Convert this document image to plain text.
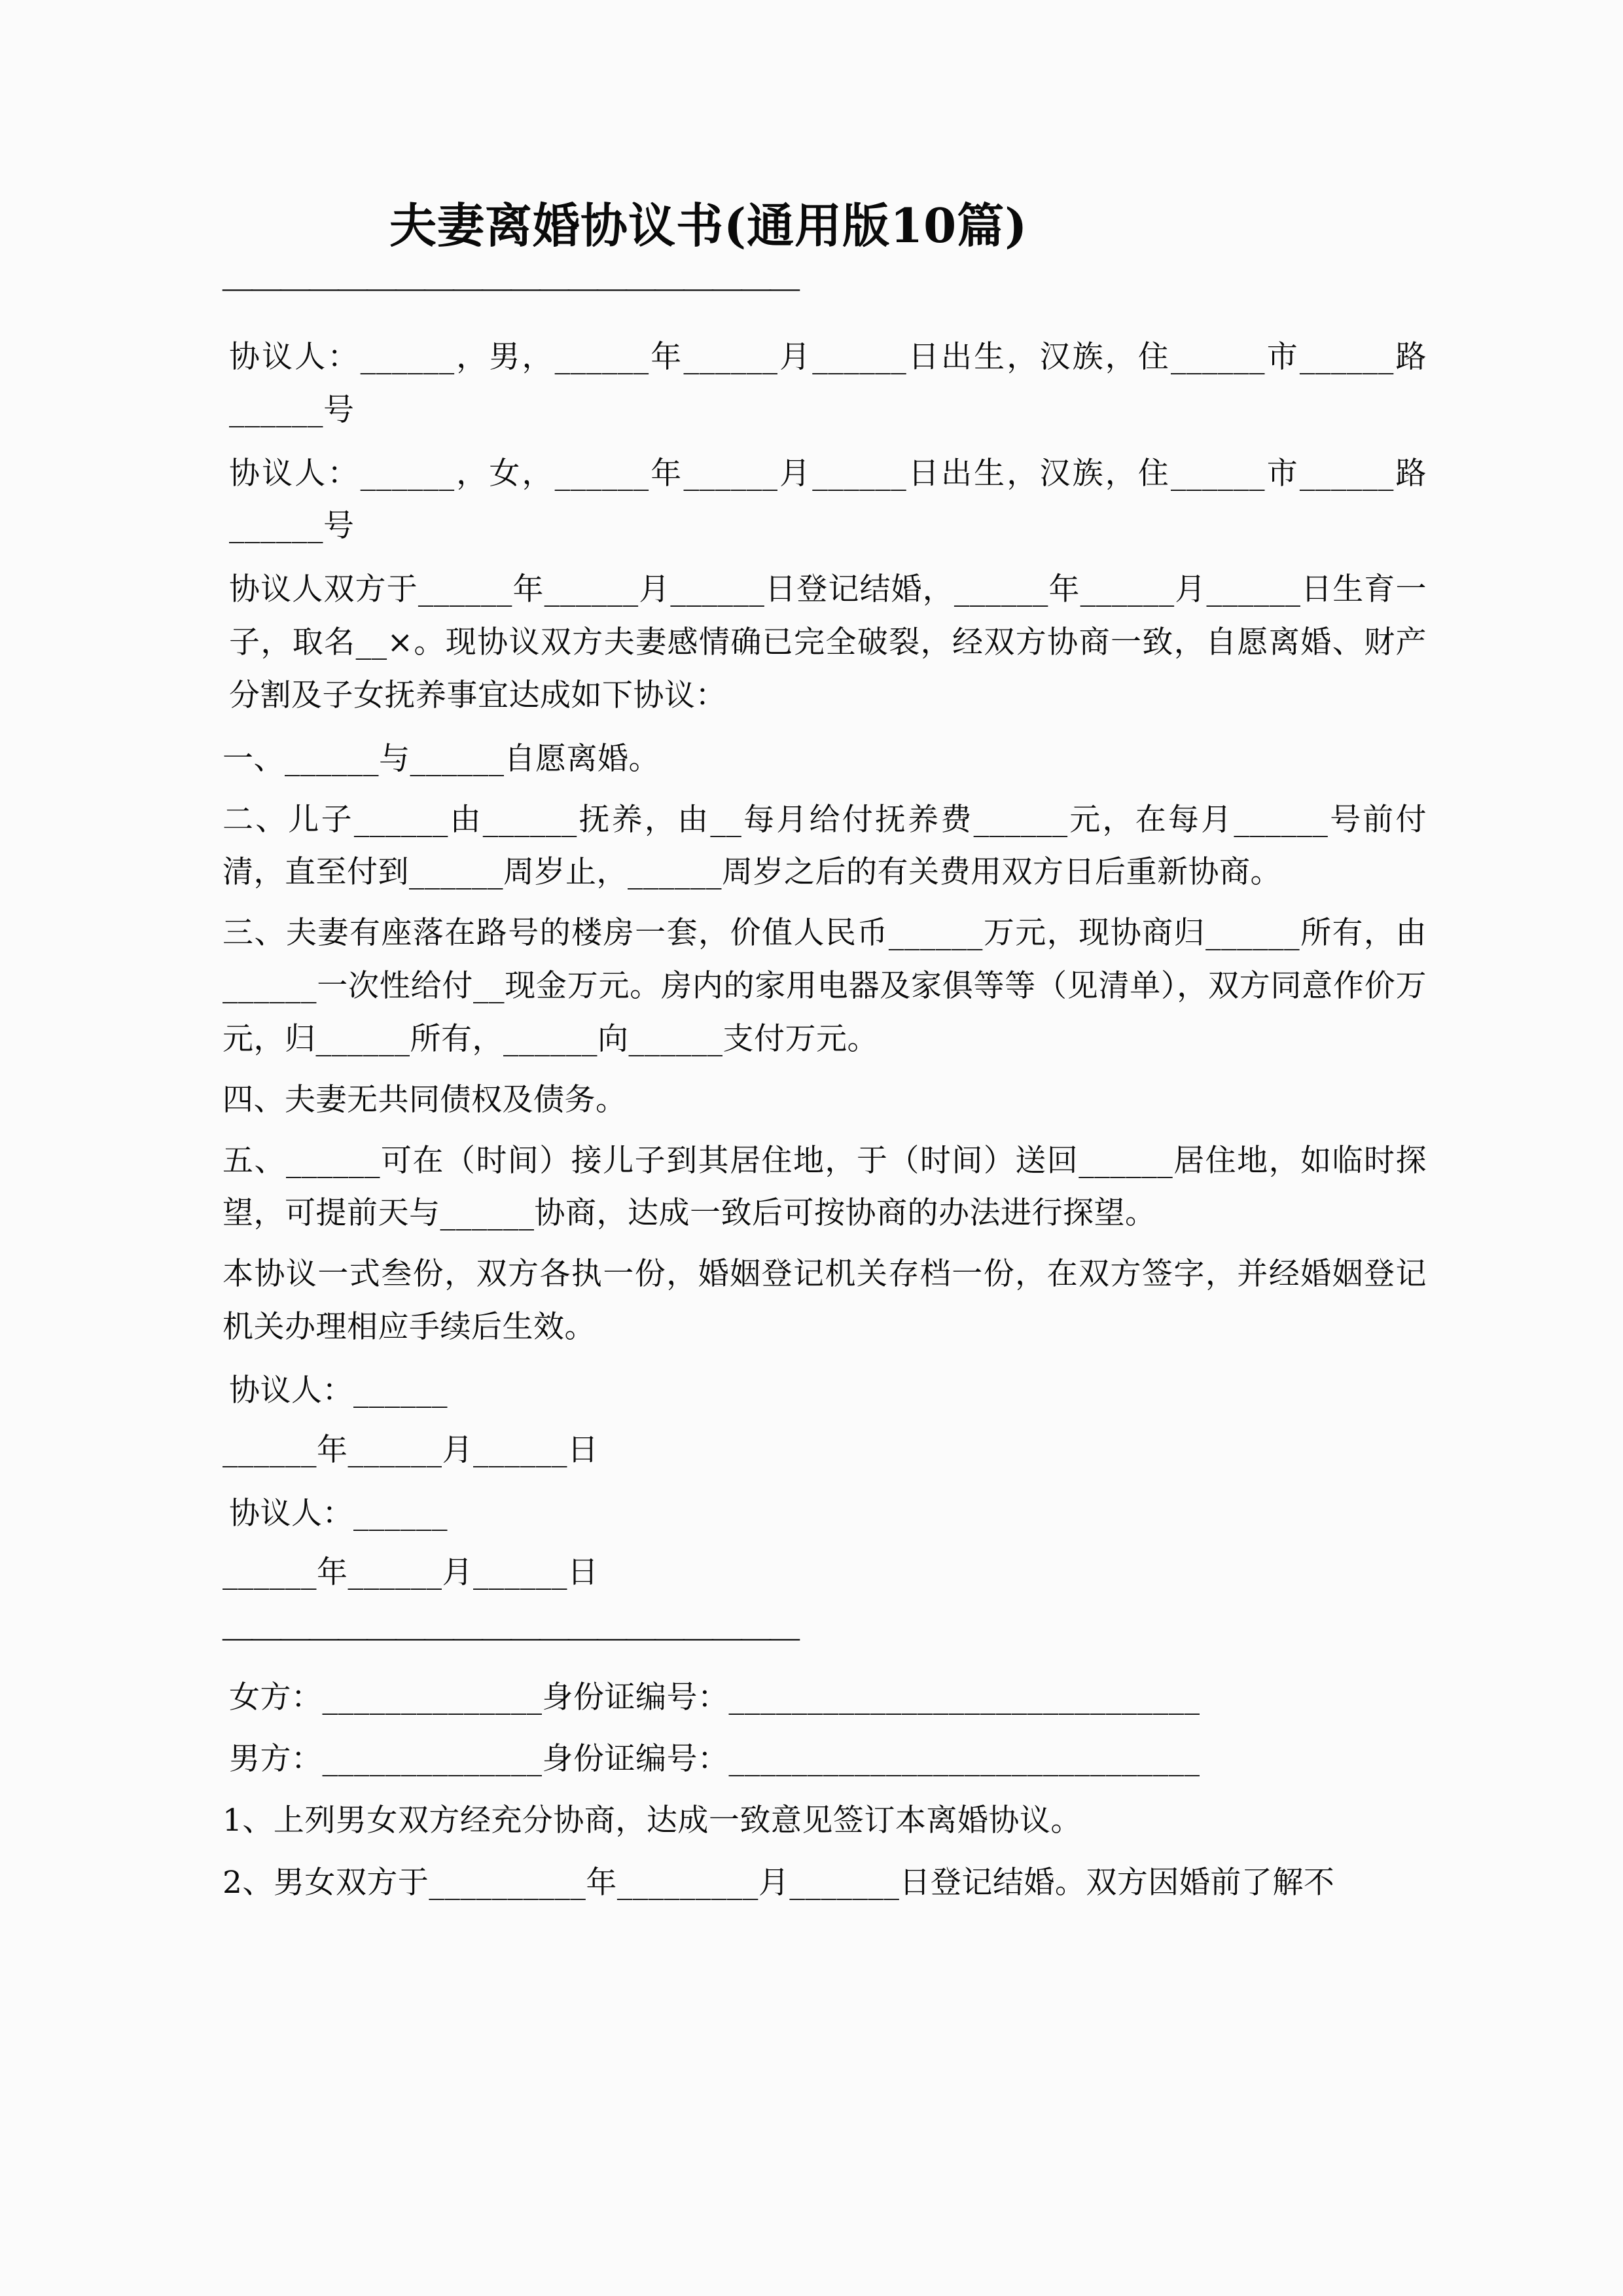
夫妻离婚协议书(通用版10篇)
————————————————————

协议人：______，男，______年______月______日出生，汉族，住______市______路______号

协议人：______，女，______年______月______日出生，汉族，住______市______路______号

协议人双方于______年______月______日登记结婚，______年______月______日生育一子，取名__×。现协议双方夫妻感情确已完全破裂，经双方协商一致，自愿离婚、财产分割及子女抚养事宜达成如下协议：

一、______与______自愿离婚。

二、儿子______由______抚养，由__每月给付抚养费______元，在每月______号前付清，直至付到______周岁止，______周岁之后的有关费用双方日后重新协商。

三、夫妻有座落在路号的楼房一套，价值人民币______万元，现协商归______所有，由______一次性给付__现金万元。房内的家用电器及家俱等等（见清单），双方同意作价万元，归______所有，______向______支付万元。

四、夫妻无共同债权及债务。

五、______可在（时间）接儿子到其居住地，于（时间）送回______居住地，如临时探望，可提前天与______协商，达成一致后可按协商的办法进行探望。

本协议一式叁份，双方各执一份，婚姻登记机关存档一份，在双方签字，并经婚姻登记机关办理相应手续后生效。

协议人：______
______年______月______日
协议人：______
______年______月______日
————————————————————
女方：______________身份证编号：______________________________
男方：______________身份证编号：______________________________
1、上列男女双方经充分协商，达成一致意见签订本离婚协议。
2、男女双方于__________年_________月_______日登记结婚。双方因婚前了解不
